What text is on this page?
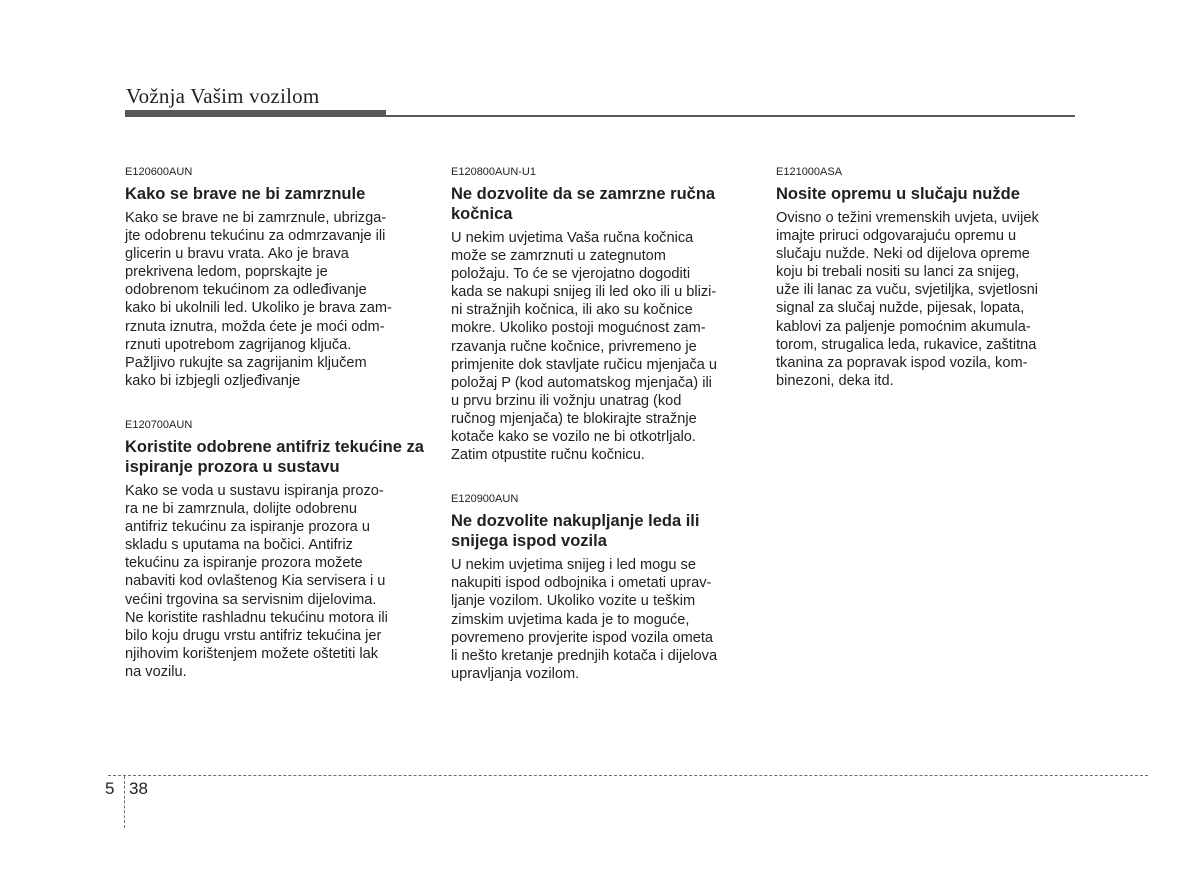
Vožnja Vašim vozilom
E120600AUN
Kako se brave ne bi zamrznule

Kako se brave ne bi zamrznule, ubrizga-
jte odobrenu tekućinu za odmrzavanje ili
glicerin u bravu vrata. Ako je brava
prekrivena ledom, poprskajte je
odobrenom tekućinom za odleđivanje
kako bi ukolnili led. Ukoliko je brava zam-
rznuta iznutra, možda ćete je moći odm-
rznuti upotrebom zagrijanog ključa.
Pažljivo rukujte sa zagrijanim ključem
kako bi izbjegli ozljeđivanje

E120700AUN
Koristite odobrene antifriz tekućine za ispiranje prozora u sustavu

Kako se voda u sustavu ispiranja prozo-
ra ne bi zamrznula, dolijte odobrenu
antifriz tekućinu za ispiranje prozora u
skladu s uputama na bočici. Antifriz
tekućinu za ispiranje prozora možete
nabaviti kod ovlaštenog Kia servisera i u
većini trgovina sa servisnim dijelovima.
Ne koristite rashladnu tekućinu motora ili
bilo koju drugu vrstu antifriz tekućina jer
njihovim korištenjem možete oštetiti lak
na vozilu.

E120800AUN-U1
Ne dozvolite da se zamrzne ručna kočnica

U nekim uvjetima Vaša ručna kočnica
može se zamrznuti u zategnutom
položaju. To će se vjerojatno dogoditi
kada se nakupi snijeg ili led oko ili u blizi-
ni stražnjih kočnica, ili ako su kočnice
mokre. Ukoliko postoji mogućnost zam-
rzavanja ručne kočnice, privremeno je
primjenite dok stavljate ručicu mjenjača u
položaj P (kod automatskog mjenjača) ili
u prvu brzinu ili vožnju unatrag (kod
ručnog mjenjača) te blokirajte stražnje
kotače kako se vozilo ne bi otkotrljalo.
Zatim otpustite ručnu kočnicu.

E120900AUN
Ne dozvolite nakupljanje leda ili snijega ispod vozila

U nekim uvjetima snijeg i led mogu se
nakupiti ispod odbojnika i ometati uprav-
ljanje vozilom. Ukoliko vozite u teškim
zimskim uvjetima kada je to moguće,
povremeno provjerite ispod vozila ometa
li nešto kretanje prednjih kotača i dijelova
upravljanja vozilom.

E121000ASA
Nosite opremu u slučaju nužde

Ovisno o težini vremenskih uvjeta, uvijek
imajte priruci odgovarajuću opremu u
slučaju nužde. Neki od dijelova opreme
koju bi trebali nositi su lanci za snijeg,
uže ili lanac za vuču, svjetiljka, svjetlosni
signal za slučaj nužde, pijesak, lopata,
kablovi za paljenje pomoćnim akumula-
torom, strugalica leda, rukavice, zaštitna
tkanina za popravak ispod vozila, kom-
binezoni, deka itd.

5 38
